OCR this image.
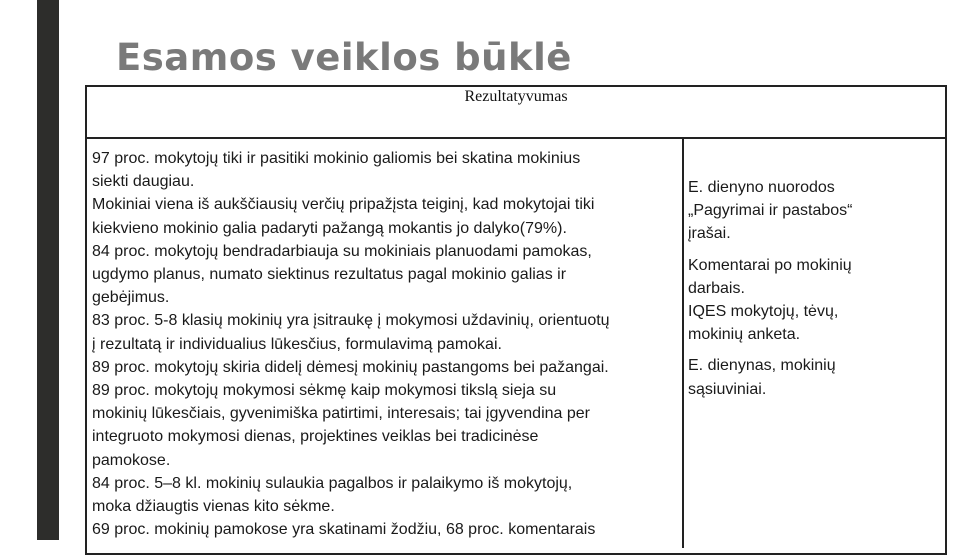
Esamos veiklos būklė
Rezultatyvumas
97 proc. mokytojų tiki ir pasitiki mokinio galiomis bei skatina mokinius
siekti daugiau.
Mokiniai viena iš aukščiausių verčių pripažįsta teiginį, kad mokytojai tiki
kiekvieno mokinio galia padaryti pažangą mokantis jo dalyko(79%).
84 proc. mokytojų bendradarbiauja su mokiniais planuodami pamokas,
ugdymo planus, numato siektinus rezultatus pagal mokinio galias ir
gebėjimus.
83 proc. 5-8 klasių mokinių yra įsitraukę į mokymosi uždavinių, orientuotų
į rezultatą ir individualius lūkesčius, formulavimą pamokai.
89 proc. mokytojų skiria didelį dėmesį mokinių pastangoms bei pažangai.
89 proc. mokytojų mokymosi sėkmę kaip mokymosi tikslą sieja su
mokinių lūkesčiais, gyvenimiška patirtimi, interesais; tai įgyvendina per
integruoto mokymosi dienas, projektines veiklas bei tradicinėse
pamokose.
84 proc. 5–8 kl. mokinių sulaukia pagalbos ir palaikymo iš mokytojų,
moka džiaugtis vienas kito sėkme.
69 proc. mokinių pamokose yra skatinami žodžiu, 68 proc. komentarais
E. dienyno nuorodos
„Pagyrimai ir pastabos“
įrašai.
Komentarai po mokinių
darbais.
IQES mokytojų, tėvų,
mokinių anketa.
E. dienynas, mokinių
sąsiuviniai.
